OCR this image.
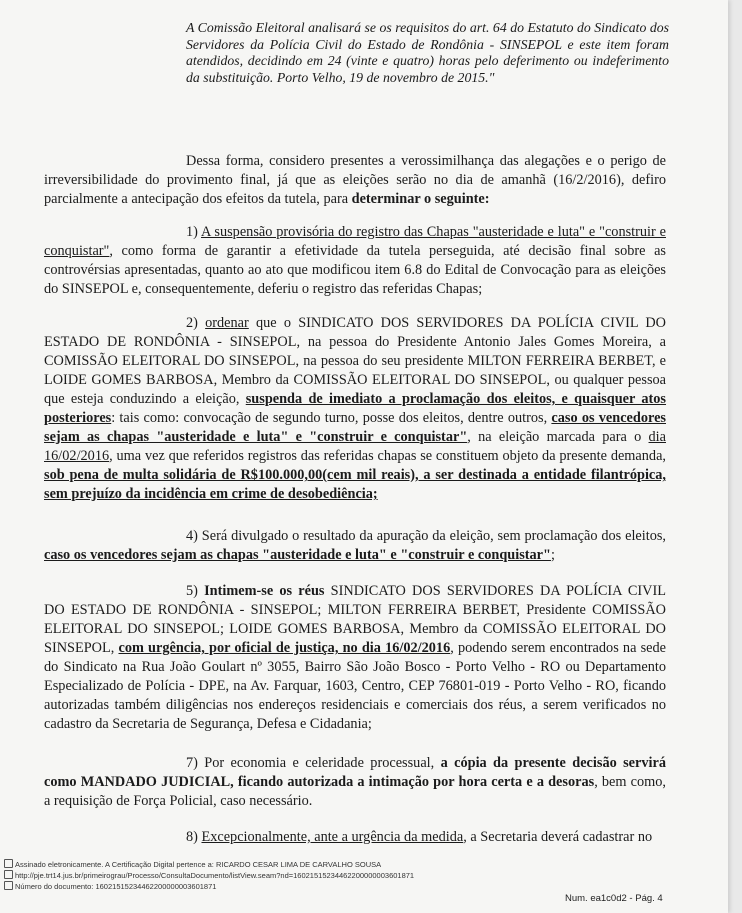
A Comissão Eleitoral analisará se os requisitos do art. 64 do Estatuto do Sindicato dos Servidores da Polícia Civil do Estado de Rondônia - SINSEPOL e este item foram atendidos, decidindo em 24 (vinte e quatro) horas pelo deferimento ou indeferimento da substituição. Porto Velho, 19 de novembro de 2015."

Dessa forma, considero presentes a verossimilhança das alegações e o perigo de irreversibilidade do provimento final, já que as eleições serão no dia de amanhã (16/2/2016), defiro parcialmente a antecipação dos efeitos da tutela, para determinar o seguinte:

1) A suspensão provisória do registro das Chapas "austeridade e luta" e "construir e conquistar", como forma de garantir a efetividade da tutela perseguida, até decisão final sobre as controvérsias apresentadas, quanto ao ato que modificou item 6.8 do Edital de Convocação para as eleições do SINSEPOL e, consequentemente, deferiu o registro das referidas Chapas;

2) ordenar que o SINDICATO DOS SERVIDORES DA POLÍCIA CIVIL DO ESTADO DE RONDÔNIA - SINSEPOL, na pessoa do Presidente Antonio Jales Gomes Moreira, a COMISSÃO ELEITORAL DO SINSEPOL, na pessoa do seu presidente MILTON FERREIRA BERBET, e LOIDE GOMES BARBOSA, Membro da COMISSÃO ELEITORAL DO SINSEPOL, ou qualquer pessoa que esteja conduzindo a eleição, suspenda de imediato a proclamação dos eleitos, e quaisquer atos posteriores: tais como: convocação de segundo turno, posse dos eleitos, dentre outros, caso os vencedores sejam as chapas "austeridade e luta" e "construir e conquistar", na eleição marcada para o dia 16/02/2016, uma vez que referidos registros das referidas chapas se constituem objeto da presente demanda, sob pena de multa solidária de R$100.000,00(cem mil reais), a ser destinada a entidade filantrópica, sem prejuízo da incidência em crime de desobediência;

4) Será divulgado o resultado da apuração da eleição, sem proclamação dos eleitos, caso os vencedores sejam as chapas "austeridade e luta" e "construir e conquistar";

5) Intimem-se os réus SINDICATO DOS SERVIDORES DA POLÍCIA CIVIL DO ESTADO DE RONDÔNIA - SINSEPOL; MILTON FERREIRA BERBET, Presidente COMISSÃO ELEITORAL DO SINSEPOL; LOIDE GOMES BARBOSA, Membro da COMISSÃO ELEITORAL DO SINSEPOL, com urgência, por oficial de justiça, no dia 16/02/2016, podendo serem encontrados na sede do Sindicato na Rua João Goulart nº 3055, Bairro São João Bosco - Porto Velho - RO ou Departamento Especializado de Polícia - DPE, na Av. Farquar, 1603, Centro, CEP 76801-019 - Porto Velho - RO, ficando autorizadas também diligências nos endereços residenciais e comerciais dos réus, a serem verificados no cadastro da Secretaria de Segurança, Defesa e Cidadania;

7) Por economia e celeridade processual, a cópia da presente decisão servirá como MANDADO JUDICIAL, ficando autorizada a intimação por hora certa e a desoras, bem como, a requisição de Força Policial, caso necessário.

8) Excepcionalmente, ante a urgência da medida, a Secretaria deverá cadastrar no

Assinado eletronicamente. A Certificação Digital pertence a: RICARDO CESAR LIMA DE CARVALHO SOUSA
http://pje.trt14.jus.br/primeirograu/Processo/ConsultaDocumento/listView.seam?nd=16021515234462200000003601871
Número do documento: 16021515234462200000003601871
Num. ea1c0d2 - Pág. 4
